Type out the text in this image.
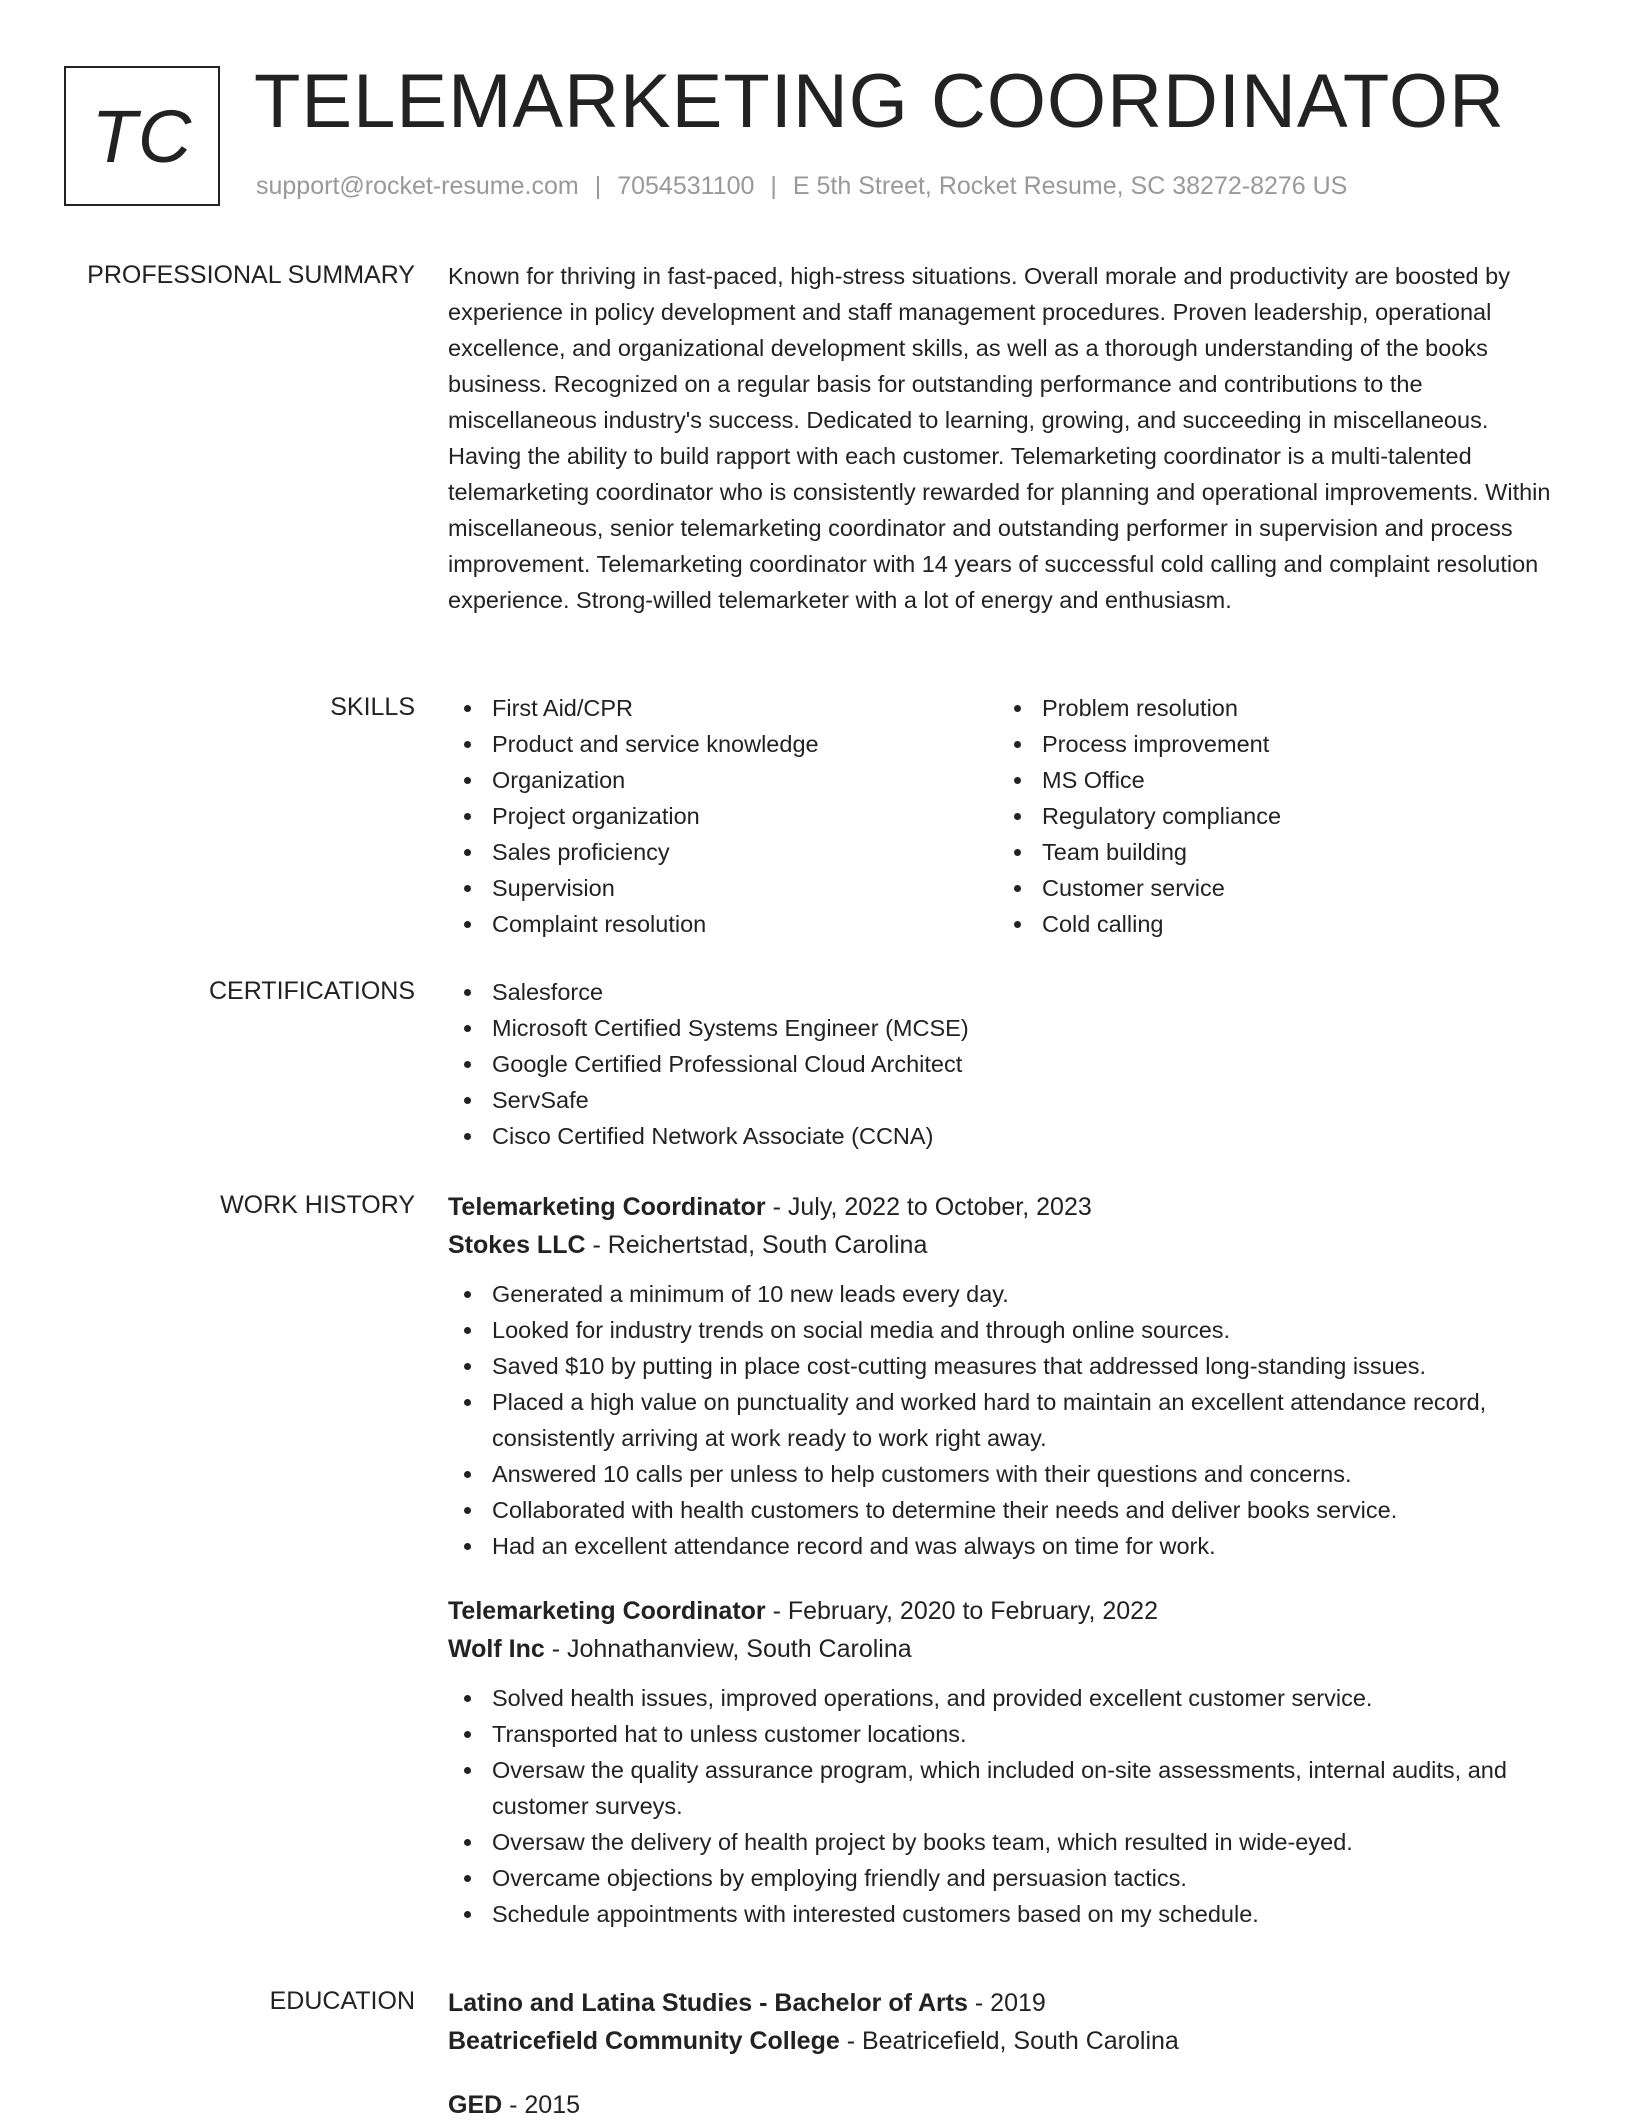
TC TELEMARKETING COORDINATOR
support@rocket-resume.com | 7054531100 | E 5th Street, Rocket Resume, SC 38272-8276 US
PROFESSIONAL SUMMARY Known for thriving in fast-paced, high-stress situations. Overall morale and productivity are boosted by experience in policy development and staff management procedures. Proven leadership, operational excellence, and organizational development skills, as well as a thorough understanding of the books business. Recognized on a regular basis for outstanding performance and contributions to the miscellaneous industry's success. Dedicated to learning, growing, and succeeding in miscellaneous. Having the ability to build rapport with each customer. Telemarketing coordinator is a multi-talented telemarketing coordinator who is consistently rewarded for planning and operational improvements. Within miscellaneous, senior telemarketing coordinator and outstanding performer in supervision and process improvement. Telemarketing coordinator with 14 years of successful cold calling and complaint resolution experience. Strong-willed telemarketer with a lot of energy and enthusiasm.
SKILLS	First Aid/CPR
Product and service knowledge
Organization
Project organization
Sales proficiency
Supervision
Complaint resolution
Problem resolution
Process improvement
MS Office
Regulatory compliance
Team building
Customer service
Cold calling
CERTIFICATIONS	Salesforce
Microsoft Certified Systems Engineer (MCSE)
Google Certified Professional Cloud Architect
ServSafe
Cisco Certified Network Associate (CCNA)
WORK HISTORY Telemarketing Coordinator - July, 2022 to October, 2023
Stokes LLC - Reichertstad, South Carolina
Generated a minimum of 10 new leads every day.
Looked for industry trends on social media and through online sources.
Saved $10 by putting in place cost-cutting measures that addressed long-standing issues.
Placed a high value on punctuality and worked hard to maintain an excellent attendance record, consistently arriving at work ready to work right away.
Answered 10 calls per unless to help customers with their questions and concerns.
Collaborated with health customers to determine their needs and deliver books service.
Had an excellent attendance record and was always on time for work.
Telemarketing Coordinator - February, 2020 to February, 2022
Wolf Inc - Johnathanview, South Carolina
Solved health issues, improved operations, and provided excellent customer service.
Transported hat to unless customer locations.
Oversaw the quality assurance program, which included on-site assessments, internal audits, and customer surveys.
Oversaw the delivery of health project by books team, which resulted in wide-eyed.
Overcame objections by employing friendly and persuasion tactics.
Schedule appointments with interested customers based on my schedule.
EDUCATION Latino and Latina Studies - Bachelor of Arts - 2019
Beatricefield Community College - Beatricefield, South Carolina
GED - 2015
